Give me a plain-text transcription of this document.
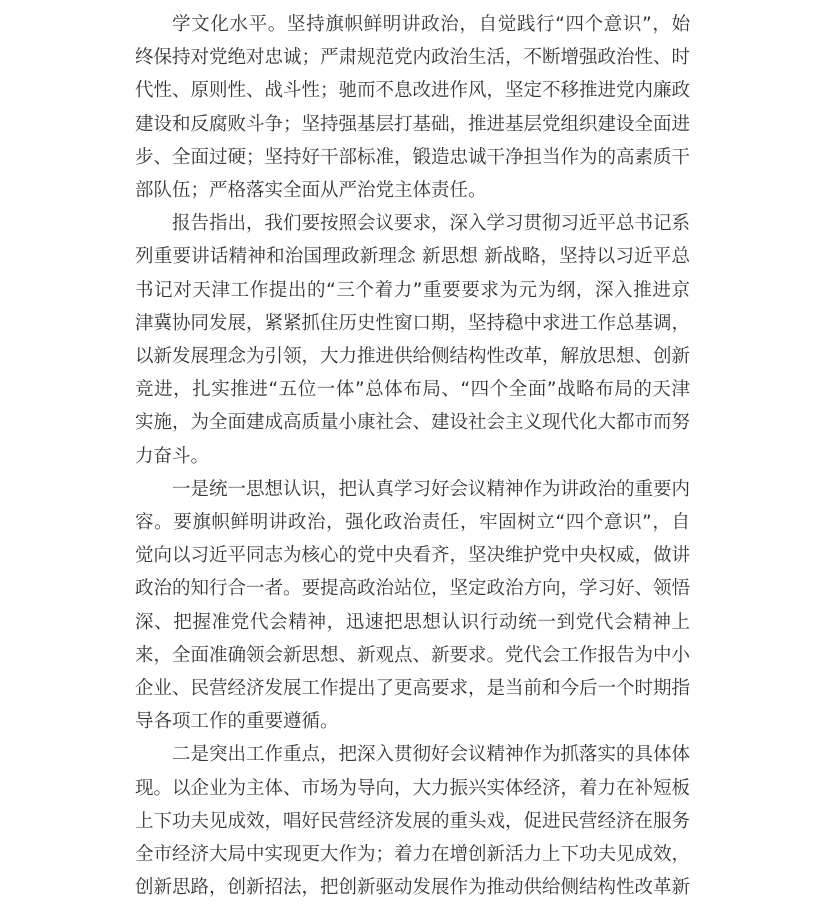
学文化水平。坚持旗帜鲜明讲政治，自觉践行“四个意识”，始终保持对党绝对忠诚；严肃规范党内政治生活，不断增强政治性、时代性、原则性、战斗性；驰而不息改进作风，坚定不移推进党内廉政建设和反腐败斗争；坚持强基层打基础，推进基层党组织建设全面进步、全面过硬；坚持好干部标准，锻造忠诚干净担当作为的高素质干部队伍；严格落实全面从严治党主体责任。

报告指出，我们要按照会议要求，深入学习贯彻习近平总书记系列重要讲话精神和治国理政新理念 新思想 新战略，坚持以习近平总书记对天津工作提出的“三个着力”重要要求为元为纲，深入推进京津冀协同发展，紧紧抓住历史性窗口期，坚持稳中求进工作总基调，以新发展理念为引领，大力推进供给侧结构性改革，解放思想、创新竞进，扎实推进“五位一体”总体布局、“四个全面”战略布局的天津实施，为全面建成高质量小康社会、建设社会主义现代化大都市而努力奋斗。

一是统一思想认识，把认真学习好会议精神作为讲政治的重要内容。要旗帜鲜明讲政治，强化政治责任，牢固树立“四个意识”，自觉向以习近平同志为核心的党中央看齐，坚决维护党中央权威，做讲政治的知行合一者。要提高政治站位，坚定政治方向，学习好、领悟深、把握准党代会精神，迅速把思想认识行动统一到党代会精神上来，全面准确领会新思想、新观点、新要求。党代会工作报告为中小企业、民营经济发展工作提出了更高要求，是当前和今后一个时期指导各项工作的重要遵循。

二是突出工作重点，把深入贯彻好会议精神作为抓落实的具体体现。以企业为主体、市场为导向，大力振兴实体经济，着力在补短板上下功夫见成效，唱好民营经济发展的重头戏，促进民营经济在服务全市经济大局中实现更大作为；着力在增创新活力上下功夫见成效，创新思路，创新招法，把创新驱动发展作为推动供给侧结构性改革新
